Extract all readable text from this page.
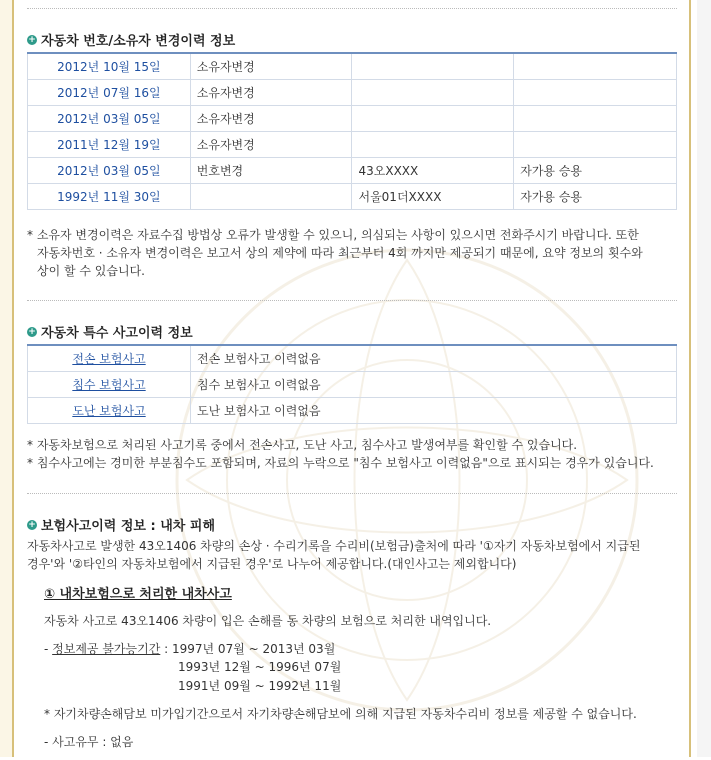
+ 자동차 번호/소유자 변경이력 정보
2012년 10월 15일	소유자변경		
2012년 07월 16일	소유자변경		
2012년 03월 05일	소유자변경		
2011년 12월 19일	소유자변경		
2012년 03월 05일	번호변경	43오XXXX	자가용 승용
1992년 11월 30일		서울01더XXXX	자가용 승용
* 소유자 변경이력은 자료수집 방법상 오류가 발생할 수 있으니, 의심되는 사항이 있으시면 전화주시기 바랍니다. 또한
자동차번호 · 소유자 변경이력은 보고서 상의 제약에 따라 최근부터 4회 까지만 제공되기 때문에, 요약 정보의 횟수와
상이 할 수 있습니다.
+ 자동차 특수 사고이력 정보
전손 보험사고	전손 보험사고 이력없음
침수 보험사고	침수 보험사고 이력없음
도난 보험사고	도난 보험사고 이력없음
* 자동차보험으로 처리된 사고기록 중에서 전손사고, 도난 사고, 침수사고 발생여부를 확인할 수 있습니다.
* 침수사고에는 경미한 부분침수도 포함되며, 자료의 누락으로 "침수 보험사고 이력없음"으로 표시되는 경우가 있습니다.
+ 보험사고이력 정보 : 내차 피해
자동차사고로 발생한 43오1406 차량의 손상 · 수리기록을 수리비(보험금)출처에 따라 '①자기 자동차보험에서 지급된
경우'와 '②타인의 자동차보험에서 지급된 경우'로 나누어 제공합니다.(대인사고는 제외합니다)
① 내차보험으로 처리한 내차사고
자동차 사고로 43오1406 차량이 입은 손해를 동 차량의 보험으로 처리한 내역입니다.
- 정보제공 불가능기간 : 1997년 07월 ~ 2013년 03월
1993년 12월 ~ 1996년 07월
1991년 09월 ~ 1992년 11월
* 자기차량손해담보 미가입기간으로서 자기차량손해담보에 의해 지급된 자동차수리비 정보를 제공할 수 없습니다.
- 사고유무 : 없음
